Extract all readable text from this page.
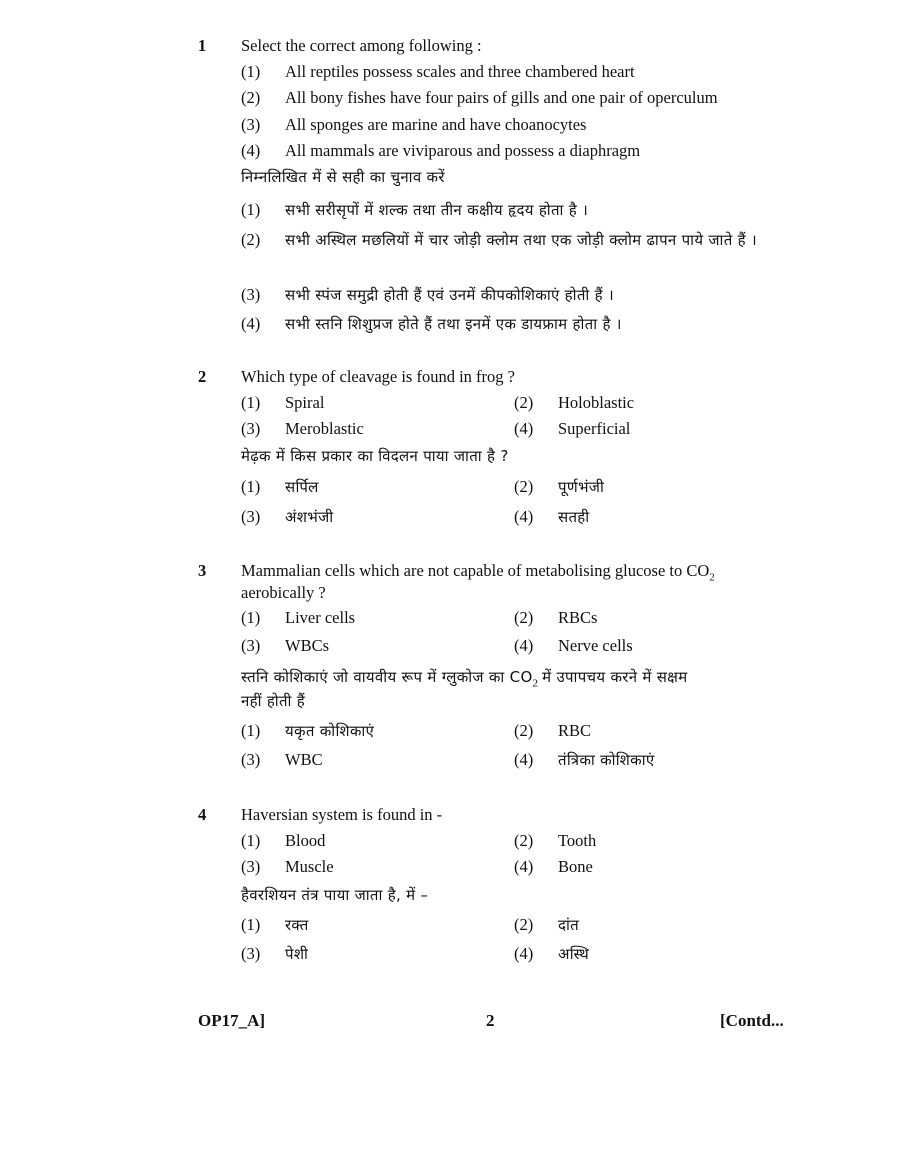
1	Select the correct among following :
(1) All reptiles possess scales and three chambered heart
(2) All bony fishes have four pairs of gills and one pair of operculum
(3) All sponges are marine and have choanocytes
(4) All mammals are viviparous and possess a diaphragm
निम्नलिखित में से सही का चुनाव करें
(1) सभी सरीसृपों में शल्क तथा तीन कक्षीय हृदय होता है ।
(2) सभी अस्थिल मछलियों में चार जोड़ी क्लोम तथा एक जोड़ी क्लोम ढापन पाये जाते हैं ।
(3) सभी स्पंज समुद्री होती हैं एवं उनमें कीपकोशिकाएं होती हैं ।
(4) सभी स्तनि शिशुप्रज होते हैं तथा इनमें एक डायफ्राम होता है ।
2	Which type of cleavage is found in frog ?
(1) Spiral	(2) Holoblastic
(3) Meroblastic	(4) Superficial
मेढ़क में किस प्रकार का विदलन पाया जाता है ?
(1) सर्पिल	(2) पूर्णभंजी
(3) अंशभंजी	(4) सतही
3	Mammalian cells which are not capable of metabolising glucose to $CO_2$
aerobically ?
(1) Liver cells	(2) RBCs
(3) WBCs	(4) Nerve cells
स्तनि कोशिकाएं जो वायवीय रूप में ग्लुकोज का $CO_2$ में उपापचय करने में सक्षम
नहीं होती हैं
(1) यकृत कोशिकाएं	(2) RBC
(3) WBC	(4) तंत्रिका कोशिकाएं
4	Haversian system is found in -
(1) Blood	(2) Tooth
(3) Muscle	(4) Bone
हैवरशियन तंत्र पाया जाता है, में –
(1) रक्त	(2) दांत
(3) पेशी	(4) अस्थि
OP17_A]	2	[Contd...
